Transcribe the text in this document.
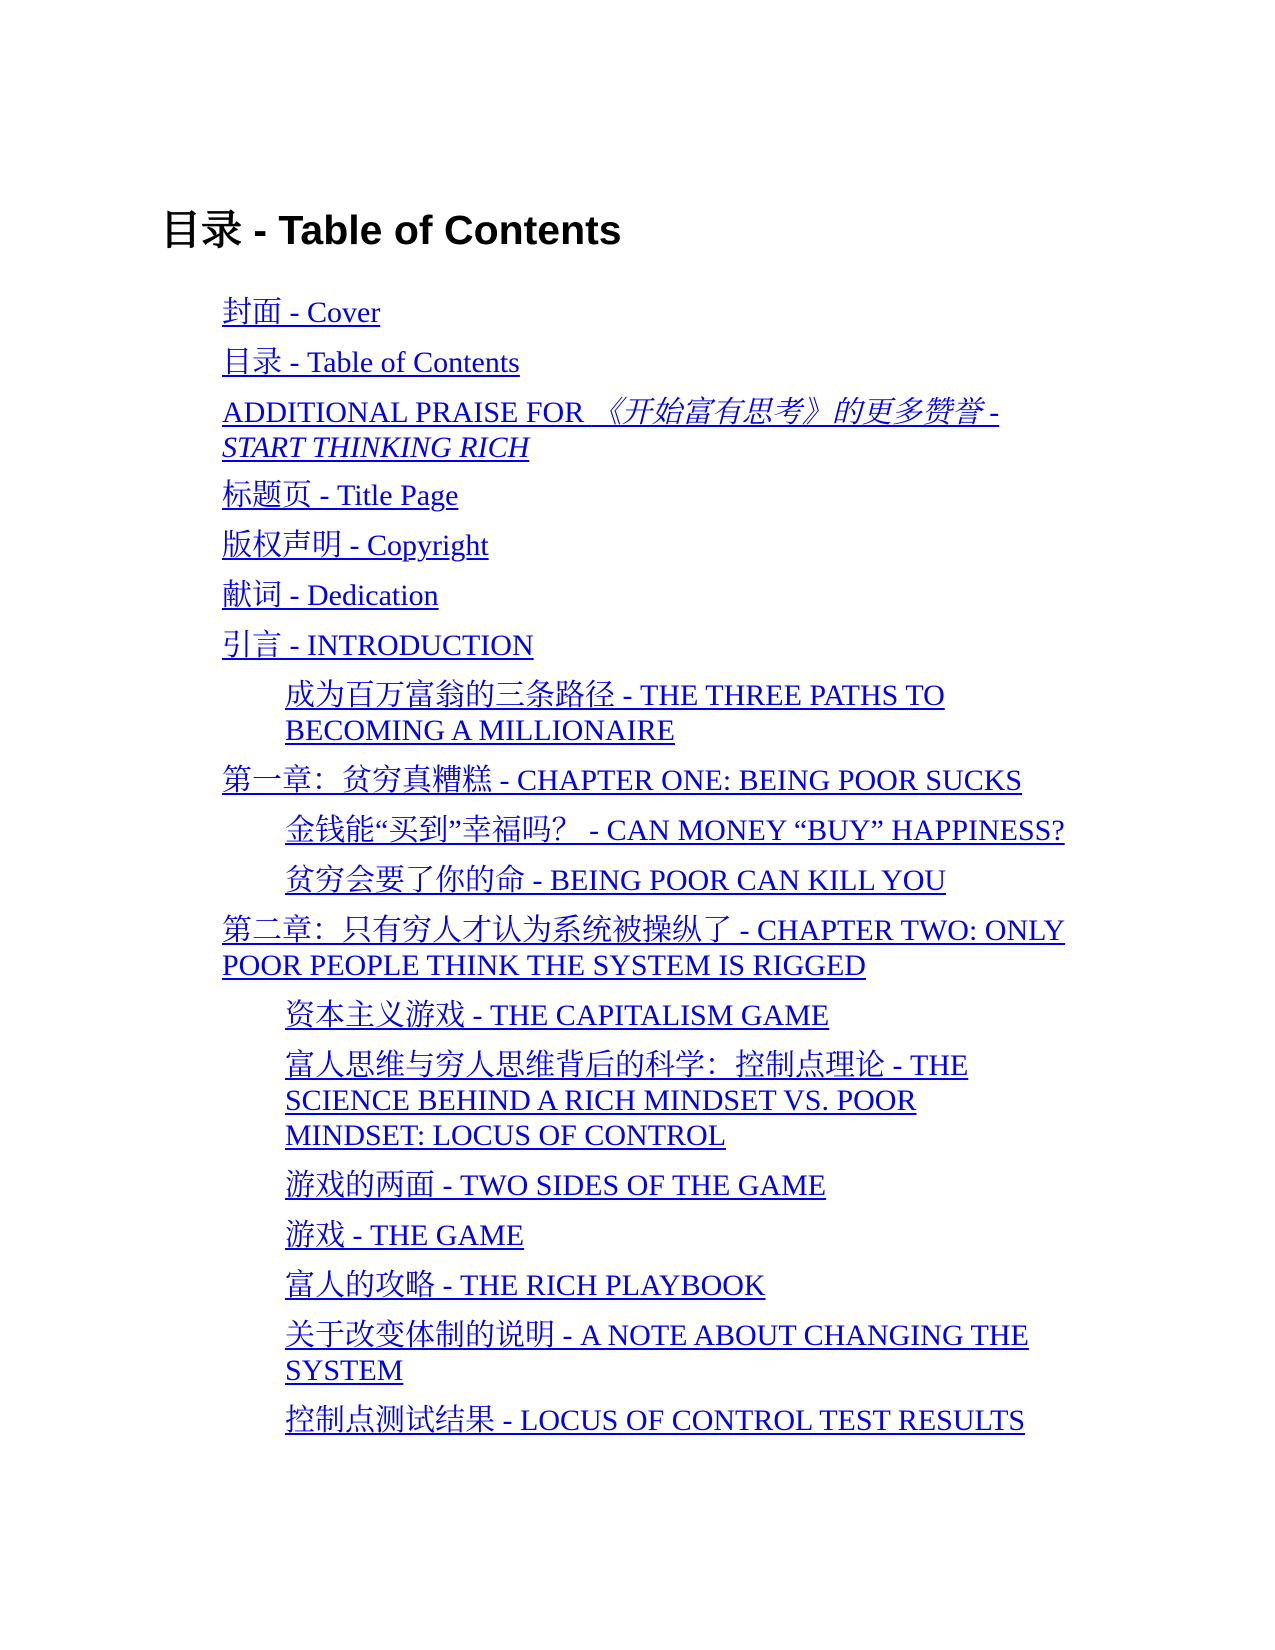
目录 - Table of Contents
封面 - Cover
目录 - Table of Contents
ADDITIONAL PRAISE FOR 《开始富有思考》的更多赞誉 - START THINKING RICH
标题页 - Title Page
版权声明 - Copyright
献词 - Dedication
引言 - INTRODUCTION
成为百万富翁的三条路径 - THE THREE PATHS TO BECOMING A MILLIONAIRE
第一章：贫穷真糟糕 - CHAPTER ONE: BEING POOR SUCKS
金钱能“买到”幸福吗？ - CAN MONEY “BUY” HAPPINESS?
贫穷会要了你的命 - BEING POOR CAN KILL YOU
第二章：只有穷人才认为系统被操纵了 - CHAPTER TWO: ONLY POOR PEOPLE THINK THE SYSTEM IS RIGGED
资本主义游戏 - THE CAPITALISM GAME
富人思维与穷人思维背后的科学：控制点理论 - THE SCIENCE BEHIND A RICH MINDSET VS. POOR MINDSET: LOCUS OF CONTROL
游戏的两面 - TWO SIDES OF THE GAME
游戏 - THE GAME
富人的攻略 - THE RICH PLAYBOOK
关于改变体制的说明 - A NOTE ABOUT CHANGING THE SYSTEM
控制点测试结果 - LOCUS OF CONTROL TEST RESULTS
